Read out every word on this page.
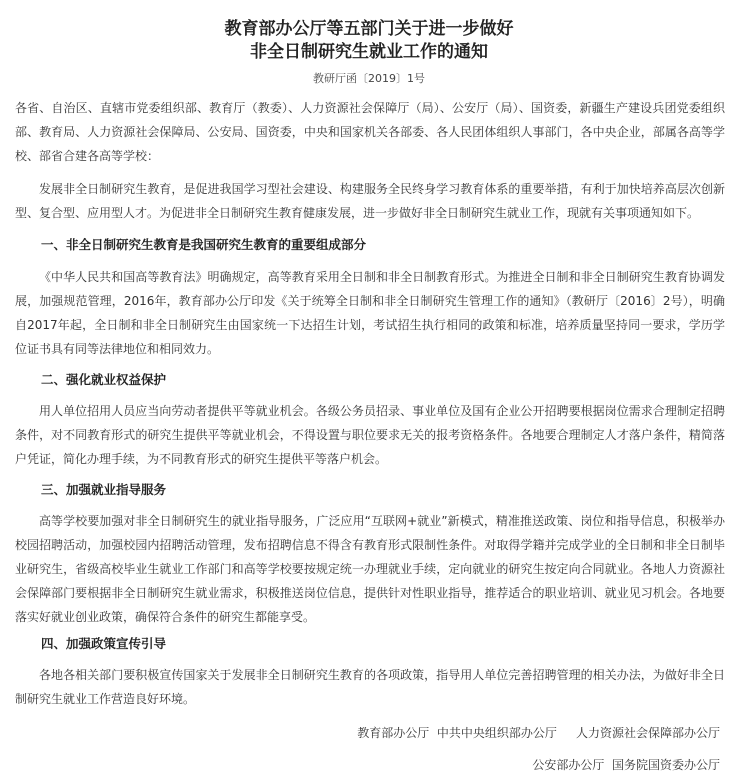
教育部办公厅等五部门关于进一步做好
非全日制研究生就业工作的通知
教研厅函〔2019〕1号

各省、自治区、直辖市党委组织部、教育厅（教委）、人力资源社会保障厅（局）、公安厅（局）、国资委，新疆生产建设兵团党委组织部、教育局、人力资源社会保障局、公安局、国资委，中央和国家机关各部委、各人民团体组织人事部门，各中央企业，部属各高等学校、部省合建各高等学校：

发展非全日制研究生教育，是促进我国学习型社会建设、构建服务全民终身学习教育体系的重要举措，有利于加快培养高层次创新型、复合型、应用型人才。为促进非全日制研究生教育健康发展，进一步做好非全日制研究生就业工作，现就有关事项通知如下。

一、非全日制研究生教育是我国研究生教育的重要组成部分

《中华人民共和国高等教育法》明确规定，高等教育采用全日制和非全日制教育形式。为推进全日制和非全日制研究生教育协调发展，加强规范管理，2016年，教育部办公厅印发《关于统筹全日制和非全日制研究生管理工作的通知》（教研厅〔2016〕2号），明确自2017年起，全日制和非全日制研究生由国家统一下达招生计划，考试招生执行相同的政策和标准，培养质量坚持同一要求，学历学位证书具有同等法律地位和相同效力。

二、强化就业权益保护

用人单位招用人员应当向劳动者提供平等就业机会。各级公务员招录、事业单位及国有企业公开招聘要根据岗位需求合理制定招聘条件，对不同教育形式的研究生提供平等就业机会，不得设置与职位要求无关的报考资格条件。各地要合理制定人才落户条件，精简落户凭证，简化办理手续，为不同教育形式的研究生提供平等落户机会。

三、加强就业指导服务

高等学校要加强对非全日制研究生的就业指导服务，广泛应用“互联网+就业”新模式，精准推送政策、岗位和指导信息，积极举办校园招聘活动，加强校园内招聘活动管理，发布招聘信息不得含有教育形式限制性条件。对取得学籍并完成学业的全日制和非全日制毕业研究生，省级高校毕业生就业工作部门和高等学校要按规定统一办理就业手续，定向就业的研究生按定向合同就业。各地人力资源社会保障部门要根据非全日制研究生就业需求，积极推送岗位信息，提供针对性职业指导，推荐适合的职业培训、就业见习机会。各地要落实好就业创业政策，确保符合条件的研究生都能享受。

四、加强政策宣传引导

各地各相关部门要积极宣传国家关于发展非全日制研究生教育的各项政策，指导用人单位完善招聘管理的相关办法，为做好非全日制研究生就业工作营造良好环境。

教育部办公厅  中共中央组织部办公厅     人力资源社会保障部办公厅
公安部办公厅  国务院国资委办公厅
